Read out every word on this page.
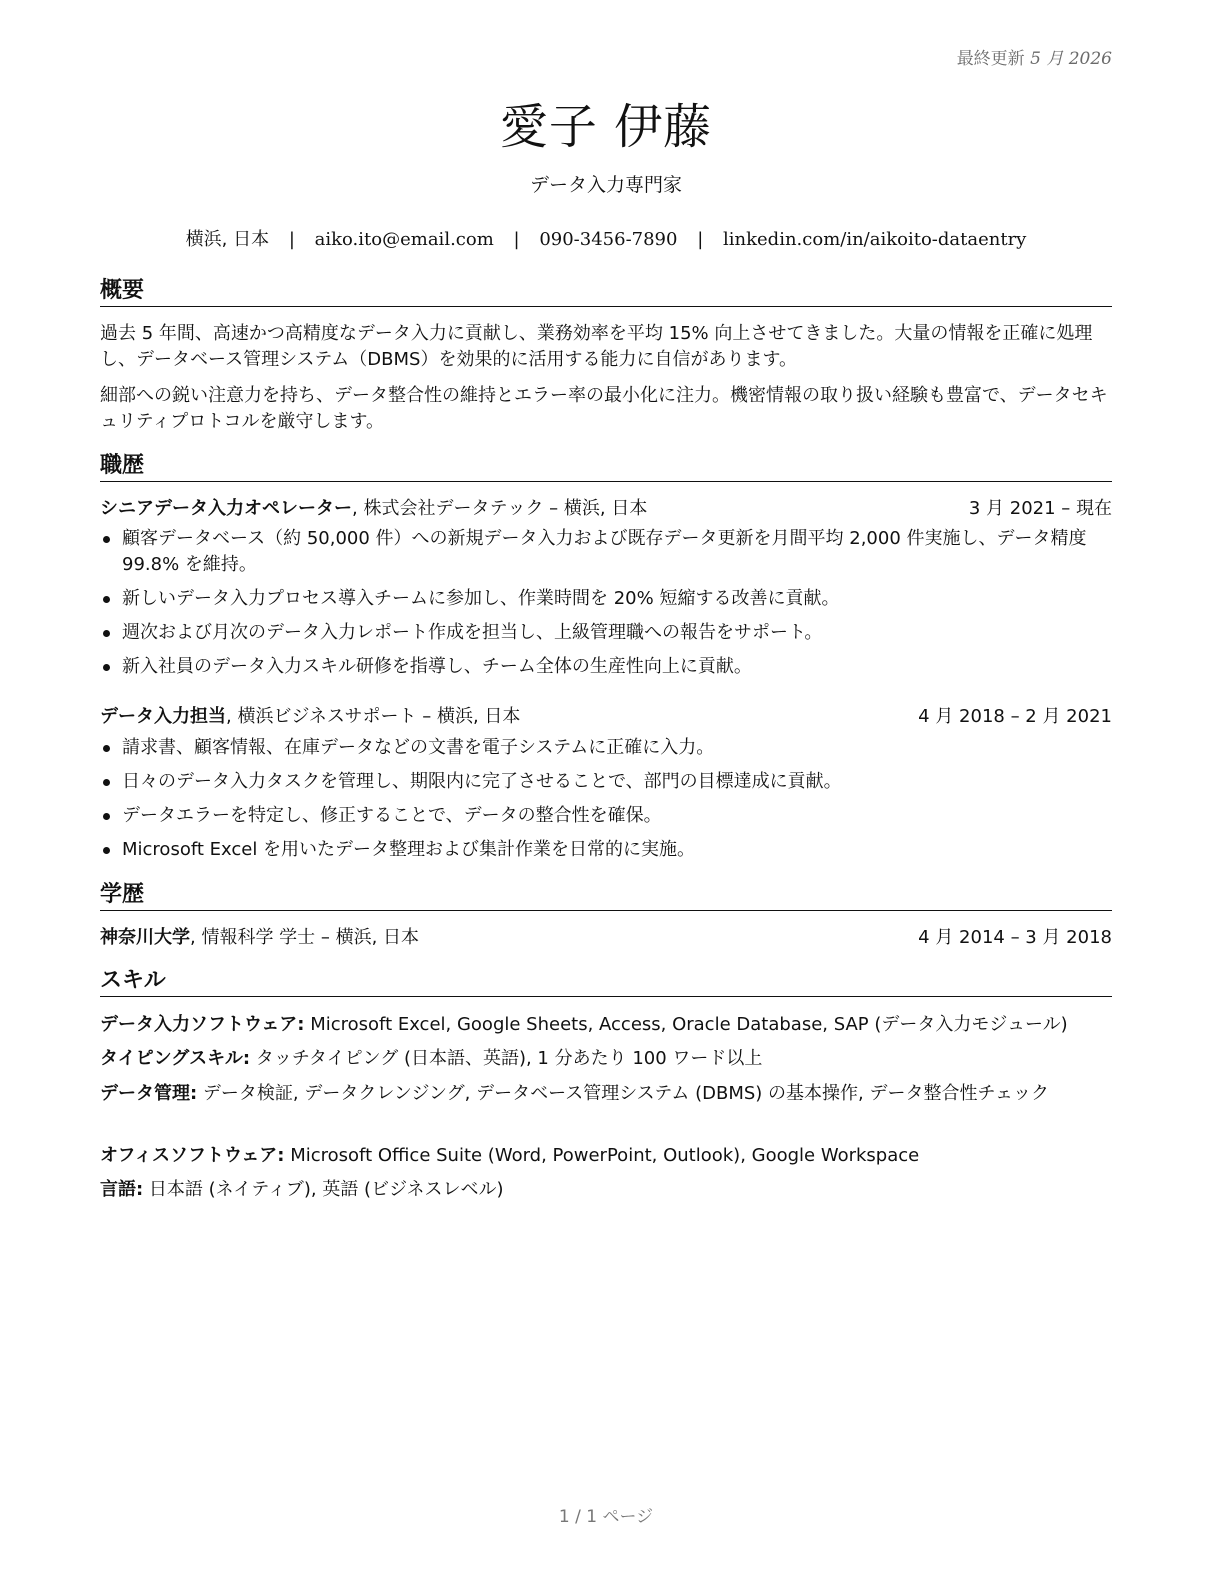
最終更新 5 月 2026
愛子 伊藤
データ入力専門家
横浜, 日本 | aiko.ito@email.com | 090-3456-7890 | linkedin.com/in/aikoito-dataentry
概要
過去 5 年間、高速かつ高精度なデータ入力に貢献し、業務効率を平均 15% 向上させてきました。大量の情報を正確に処理し、データベース管理システム（DBMS）を効果的に活用する能力に自信があります。
細部への鋭い注意力を持ち、データ整合性の維持とエラー率の最小化に注力。機密情報の取り扱い経験も豊富で、データセキュリティプロトコルを厳守します。
職歴
シニアデータ入力オペレーター, 株式会社データテック – 横浜, 日本	3 月 2021 – 現在
顧客データベース（約 50,000 件）への新規データ入力および既存データ更新を月間平均 2,000 件実施し、データ精度 99.8% を維持。
新しいデータ入力プロセス導入チームに参加し、作業時間を 20% 短縮する改善に貢献。
週次および月次のデータ入力レポート作成を担当し、上級管理職への報告をサポート。
新入社員のデータ入力スキル研修を指導し、チーム全体の生産性向上に貢献。
データ入力担当, 横浜ビジネスサポート – 横浜, 日本	4 月 2018 – 2 月 2021
請求書、顧客情報、在庫データなどの文書を電子システムに正確に入力。
日々のデータ入力タスクを管理し、期限内に完了させることで、部門の目標達成に貢献。
データエラーを特定し、修正することで、データの整合性を確保。
Microsoft Excel を用いたデータ整理および集計作業を日常的に実施。
学歴
神奈川大学, 情報科学 学士 – 横浜, 日本	4 月 2014 – 3 月 2018
スキル
データ入力ソフトウェア: Microsoft Excel, Google Sheets, Access, Oracle Database, SAP (データ入力モジュール)
タイピングスキル: タッチタイピング (日本語、英語), 1 分あたり 100 ワード以上
データ管理: データ検証, データクレンジング, データベース管理システム (DBMS) の基本操作, データ整合性チェック
オフィスソフトウェア: Microsoft Office Suite (Word, PowerPoint, Outlook), Google Workspace
言語: 日本語 (ネイティブ), 英語 (ビジネスレベル)
1 / 1 ページ
